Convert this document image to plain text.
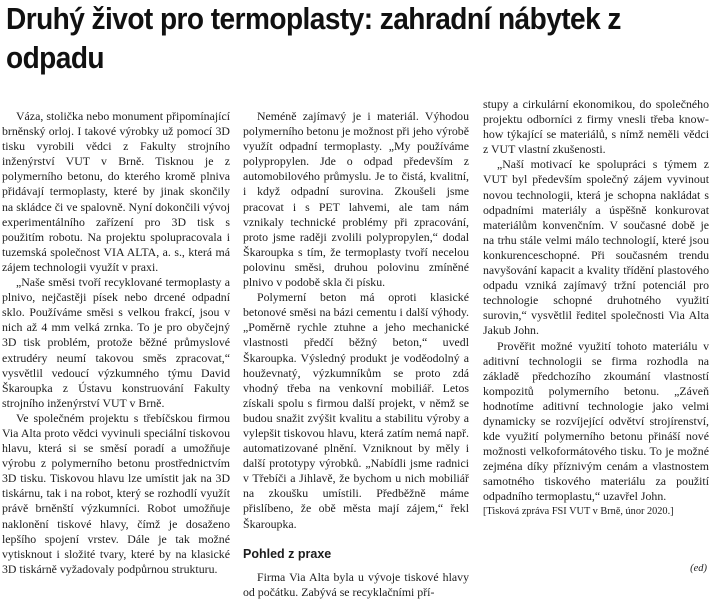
Druhý život pro termoplasty: zahradní nábytek z odpadu

Váza, stolička nebo monument připomínající brněnský orloj. I takové výrobky už pomocí 3D tisku vyrobili vědci z Fakulty strojního inženýrství VUT v Brně. Tisknou je z polymerního betonu, do kterého kromě plniva přidávají termoplasty, které by jinak skončily na skládce či ve spalovně. Nyní dokončili vývoj experimentálního zařízení pro 3D tisk s použitím robotu. Na projektu spolupracovala i tuzemská společnost VIA ALTA, a. s., která má zájem technologii využít v praxi.

„Naše směsi tvoří recyklované termoplasty a plnivo, nejčastěji písek nebo drcené odpadní sklo. Používáme směsi s velkou frakcí, jsou v nich až 4 mm velká zrnka. To je pro obyčejný 3D tisk problém, protože běžné průmyslové extrudéry neumí takovou směs zpracovat,“ vysvětlil vedoucí výzkumného týmu David Škaroupka z Ústavu konstruování Fakulty strojního inženýrství VUT v Brně.

Ve společném projektu s třebíčskou firmou Via Alta proto vědci vyvinuli speciální tiskovou hlavu, která si se směsí poradí a umožňuje výrobu z polymerního betonu prostřednictvím 3D tisku. Tiskovou hlavu lze umístit jak na 3D tiskárnu, tak i na robot, který se rozhodlí využít právě brněnští výzkumníci. Robot umožňuje naklonění tiskové hlavy, čímž je dosaženo lepšího spojení vrstev. Dále je tak možné vytisknout i složité tvary, které by na klasické 3D tiskárně vyžadovaly podpůrnou strukturu.

Neméně zajímavý je i materiál. Výhodou polymerního betonu je možnost při jeho výrobě využít odpadní termoplasty. „My používáme polypropylen. Jde o odpad především z automobilového průmyslu. Je to čistá, kvalitní, i když odpadní surovina. Zkoušeli jsme pracovat i s PET lahvemi, ale tam nám vznikaly technické problémy při zpracování, proto jsme raději zvolili polypropylen,“ dodal Škaroupka s tím, že termoplasty tvoří necelou polovinu směsi, druhou polovinu zmíněné plnivo v podobě skla či písku.

Polymerní beton má oproti klasické betonové směsi na bázi cementu i další výhody. „Poměrně rychle ztuhne a jeho mechanické vlastnosti předčí běžný beton,“ uvedl Škaroupka. Výsledný produkt je voděodolný a houževnatý, výzkumníkům se proto zdá vhodný třeba na venkovní mobiliář. Letos získali spolu s firmou další projekt, v němž se budou snažit zvýšit kvalitu a stabilitu výroby a vylepšit tiskovou hlavu, která zatím nemá např. automatizované plnění. Vzniknout by měly i další prototypy výrobků. „Nabídli jsme radnici v Třebíči a Jihlavě, že bychom u nich mobiliář na zkoušku umístili. Předběžně máme přislíbeno, že obě města mají zájem,“ řekl Škaroupka.

Pohled z praxe

Firma Via Alta byla u vývoje tiskové hlavy od počátku. Zabývá se recyklačními pří-

stupy a cirkulární ekonomikou, do společného projektu odborníci z firmy vnesli třeba know-how týkající se materiálů, s nímž neměli vědci z VUT vlastní zkušenosti.

„Naší motivací ke spolupráci s týmem z VUT byl především společný zájem vyvinout novou technologii, která je schopna nakládat s odpadními materiály a úspěšně konkurovat materiálům konvenčním. V současné době je na trhu stále velmi málo technologií, které jsou konkurenceschopné. Při současném trendu navyšování kapacit a kvality třídění plastového odpadu vzniká zajímavý tržní potenciál pro technologie schopné druhotného využití surovin,“ vysvětlil ředitel společnosti Via Alta Jakub John.

Prověřit možné využití tohoto materiálu v aditivní technologii se firma rozhodla na základě předchozího zkoumání vlastností kompozitů polymerního betonu. „Záveň hodnotíme aditivní technologie jako velmi dynamicky se rozvíjející odvětví strojírenství, kde využití polymerního betonu přináší nové možnosti velkoformátového tisku. To je možné zejména díky příznivým cenám a vlastnostem samotného tiskového materiálu za použití odpadního termoplastu,“ uzavřel John.

[Tisková zpráva FSI VUT v Brně, únor 2020.]

(ed)
